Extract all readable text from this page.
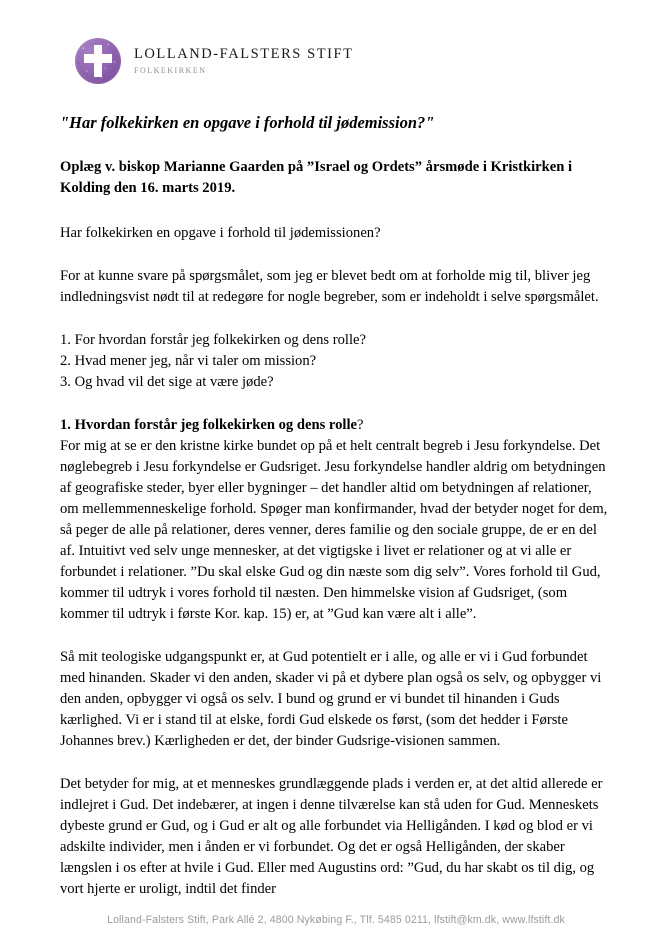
LOLLAND-FALSTERS STIFT
FOLKEKIRKEN
"Har folkekirken en opgave i forhold til jødemission?"
Oplæg v. biskop Marianne Gaarden på ”Israel og Ordets” årsmøde i Kristkirken i Kolding den 16. marts 2019.

Har folkekirken en opgave i forhold til jødemissionen?

For at kunne svare på spørgsmålet, som jeg er blevet bedt om at forholde mig til, bliver jeg indledningsvist nødt til at redegøre for nogle begreber, som er indeholdt i selve spørgsmålet.

1. For hvordan forstår jeg folkekirken og dens rolle?
2. Hvad mener jeg, når vi taler om mission?
3. Og hvad vil det sige at være jøde?

1. Hvordan forstår jeg folkekirken og dens rolle?

For mig at se er den kristne kirke bundet op på et helt centralt begreb i Jesu forkyndelse. Det nøglebegreb i Jesu forkyndelse er Gudsriget. Jesu forkyndelse handler aldrig om betydningen af geografiske steder, byer eller bygninger – det handler altid om betydningen af relationer, om mellemmenneskelige forhold. Spøger man konfirmander, hvad der betyder noget for dem, så peger de alle på relationer, deres venner, deres familie og den sociale gruppe, de er en del af. Intuitivt ved selv unge mennesker, at det vigtigske i livet er relationer og at vi alle er forbundet i relationer. ”Du skal elske Gud og din næste som dig selv”. Vores forhold til Gud, kommer til udtryk i vores forhold til næsten. Den himmelske vision af Gudsriget, (som kommer til udtryk i første Kor. kap. 15) er, at ”Gud kan være alt i alle”.

Så mit teologiske udgangspunkt er, at Gud potentielt er i alle, og alle er vi i Gud forbundet med hinanden. Skader vi den anden, skader vi på et dybere plan også os selv, og opbygger vi den anden, opbygger vi også os selv. I bund og grund er vi bundet til hinanden i Guds kærlighed. Vi er i stand til at elske, fordi Gud elskede os først, (som det hedder i Første Johannes brev.) Kærligheden er det, der binder Gudsrige-visionen sammen.

Det betyder for mig, at et menneskes grundlæggende plads i verden er, at det altid allerede er indlejret i Gud. Det indebærer, at ingen i denne tilværelse kan stå uden for Gud. Menneskets dybeste grund er Gud, og i Gud er alt og alle forbundet via Helligånden. I kød og blod er vi adskilte individer, men i ånden er vi forbundet. Og det er også Helligånden, der skaber længslen i os efter at hvile i Gud. Eller med Augustins ord: ”Gud, du har skabt os til dig, og vort hjerte er uroligt, indtil det finder

Lolland-Falsters Stift, Park Allé 2, 4800 Nykøbing F., Tlf. 5485 0211, lfstift@km.dk, www.lfstift.dk
